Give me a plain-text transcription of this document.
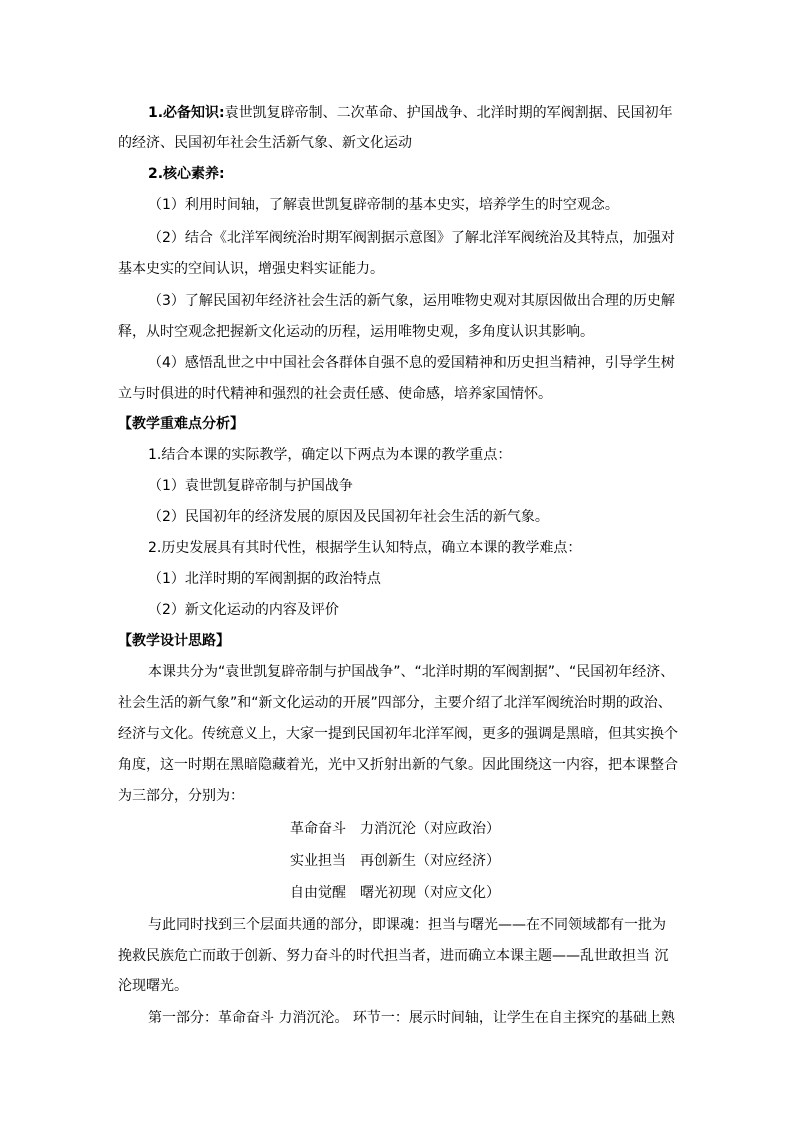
1.必备知识:袁世凯复辟帝制、二次革命、护国战争、北洋时期的军阀割据、民国初年
的经济、民国初年社会生活新气象、新文化运动
2.核心素养:
（1）利用时间轴，了解袁世凯复辟帝制的基本史实，培养学生的时空观念。
（2）结合《北洋军阀统治时期军阀割据示意图》了解北洋军阀统治及其特点，加强对
基本史实的空间认识，增强史料实证能力。
（3）了解民国初年经济社会生活的新气象，运用唯物史观对其原因做出合理的历史解
释，从时空观念把握新文化运动的历程，运用唯物史观，多角度认识其影响。
（4）感悟乱世之中中国社会各群体自强不息的爱国精神和历史担当精神，引导学生树
立与时俱进的时代精神和强烈的社会责任感、使命感，培养家国情怀。
【教学重难点分析】
1.结合本课的实际教学，确定以下两点为本课的教学重点：
（1）袁世凯复辟帝制与护国战争
（2）民国初年的经济发展的原因及民国初年社会生活的新气象。
2.历史发展具有其时代性，根据学生认知特点，确立本课的教学难点：
（1）北洋时期的军阀割据的政治特点
（2）新文化运动的内容及评价
【教学设计思路】
本课共分为“袁世凯复辟帝制与护国战争”、“北洋时期的军阀割据”、“民国初年经济、
社会生活的新气象”和“新文化运动的开展”四部分，主要介绍了北洋军阀统治时期的政治、
经济与文化。传统意义上，大家一提到民国初年北洋军阀，更多的强调是黑暗，但其实换个
角度，这一时期在黑暗隐藏着光，光中又折射出新的气象。因此围绕这一内容，把本课整合
为三部分，分别为：
革命奋斗　力消沉沦（对应政治）
实业担当　再创新生（对应经济）
自由觉醒　曙光初现（对应文化）
与此同时找到三个层面共通的部分，即课魂：担当与曙光——在不同领域都有一批为
挽救民族危亡而敢于创新、努力奋斗的时代担当者，进而确立本课主题——乱世敢担当 沉
沦现曙光。
第一部分：革命奋斗 力消沉沦。 环节一：展示时间轴，让学生在自主探究的基础上熟
